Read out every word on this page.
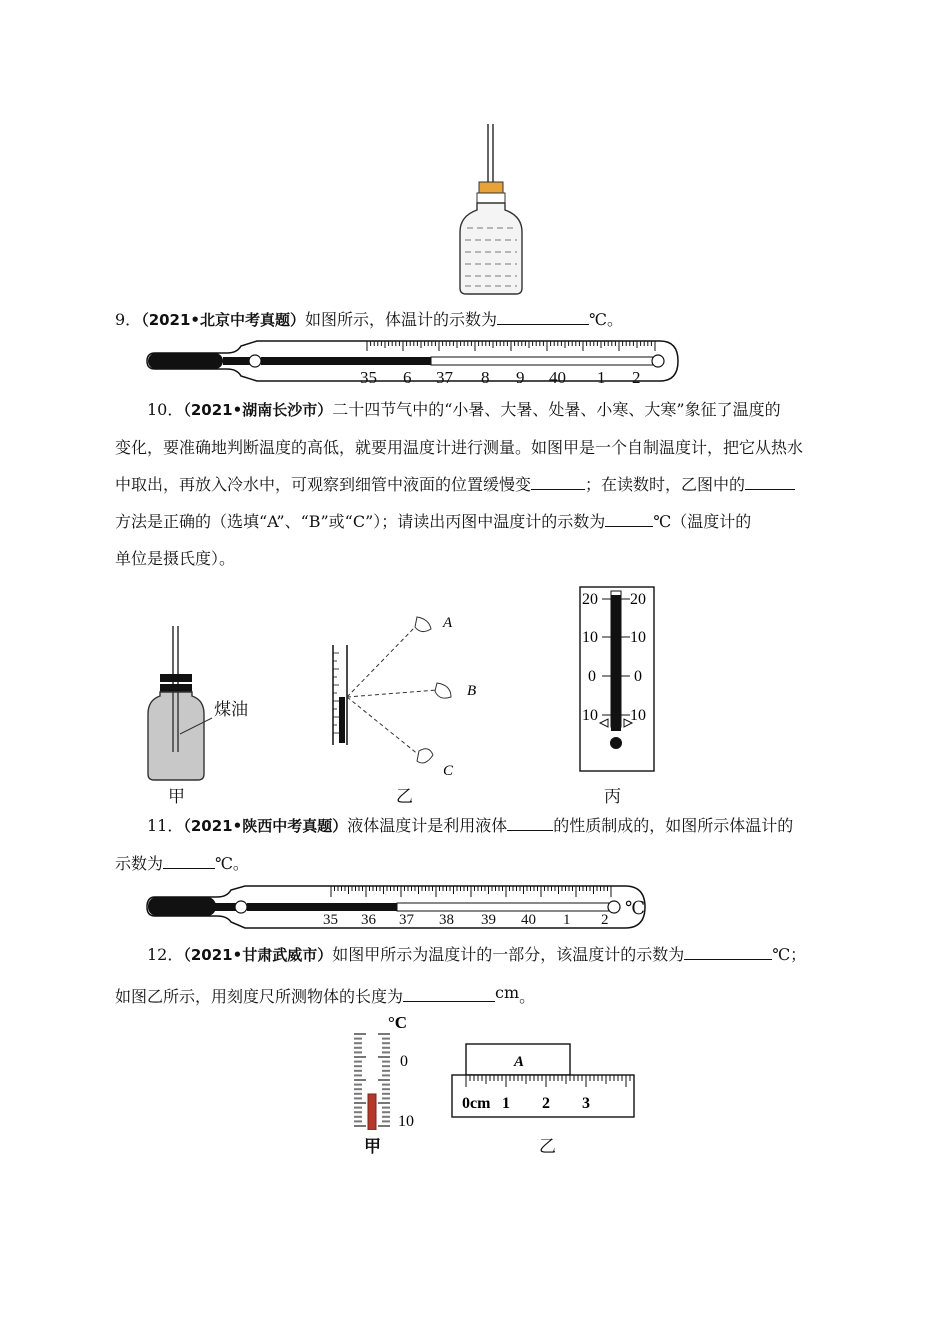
9．（2021•北京中考真题）如图所示，体温计的示数为	℃。
35 6 37 8 9 40 1 2
10．（2021•湖南长沙市）二十四节气中的“小暑、大暑、处暑、小寒、大寒”象征了温度的
变化，要准确地判断温度的高低，就要用温度计进行测量。如图甲是一个自制温度计，把它从热水
中取出，再放入冷水中，可观察到细管中液面的位置缓慢变	；在读数时，乙图中的
方法是正确的（选填“A”、“B”或“C”）；请读出丙图中温度计的示数为	℃（温度计的
单位是摄氏度）。
煤油
甲
A
B
C
乙
20 20
10 10
0 0
10 10
丙
11．（2021•陕西中考真题）液体温度计是利用液体	的性质制成的，如图所示体温计的
示数为	℃。
35 36 37 38 39 40 1 2
℃
12．（2021•甘肃武威市）如图甲所示为温度计的一部分，该温度计的示数为	℃；
如图乙所示，用刻度尺所测物体的长度为	cm。
°C
0
10
甲
A
0cm 1 2 3
乙
